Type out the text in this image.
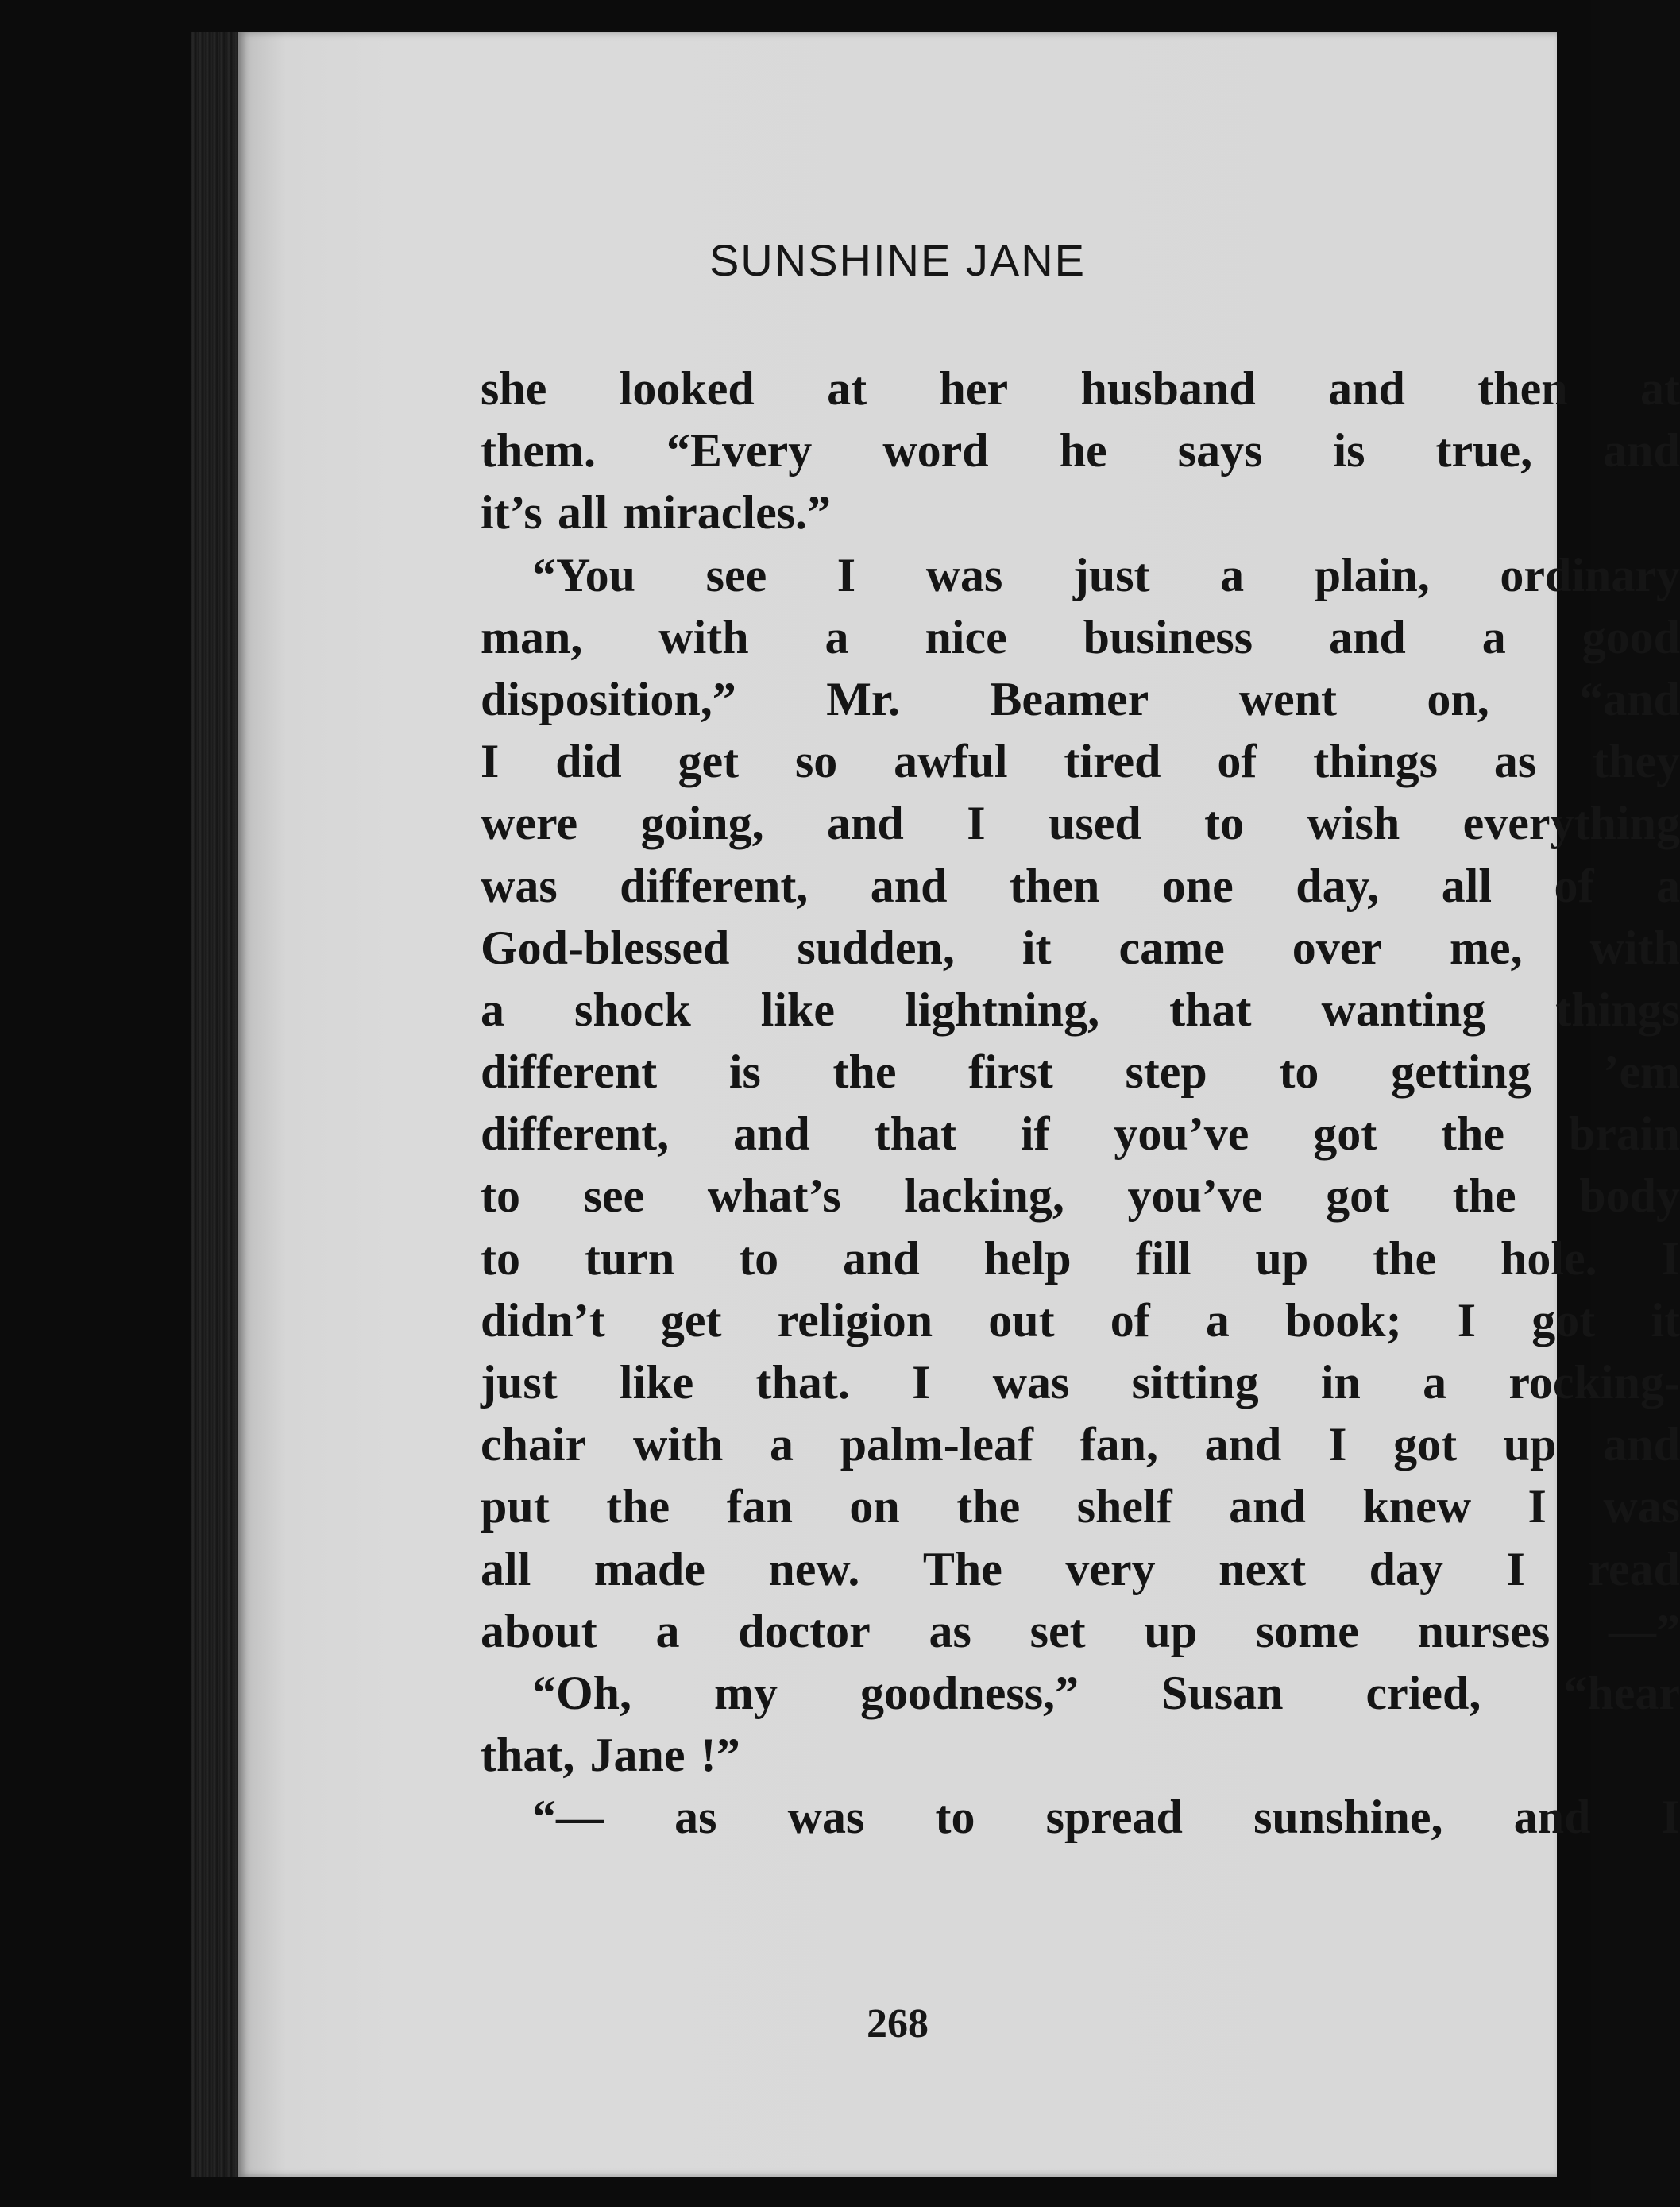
SUNSHINE JANE
she looked at her husband and then at
them. “Every word he says is true, and
it’s all miracles.”
“You see I was just a plain, ordinary
man, with a nice business and a good
disposition,” Mr. Beamer went on, “and
I did get so awful tired of things as they
were going, and I used to wish everything
was different, and then one day, all of a
God-blessed sudden, it came over me, with
a shock like lightning, that wanting things
different is the first step to getting ’em
different, and that if you’ve got the brain
to see what’s lacking, you’ve got the body
to turn to and help fill up the hole. I
didn’t get religion out of a book; I got it
just like that. I was sitting in a rocking-
chair with a palm-leaf fan, and I got up and
put the fan on the shelf and knew I was
all made new. The very next day I read
about a doctor as set up some nurses —”
“Oh, my goodness,” Susan cried, “hear
that, Jane !”
“— as was to spread sunshine, and I
268
